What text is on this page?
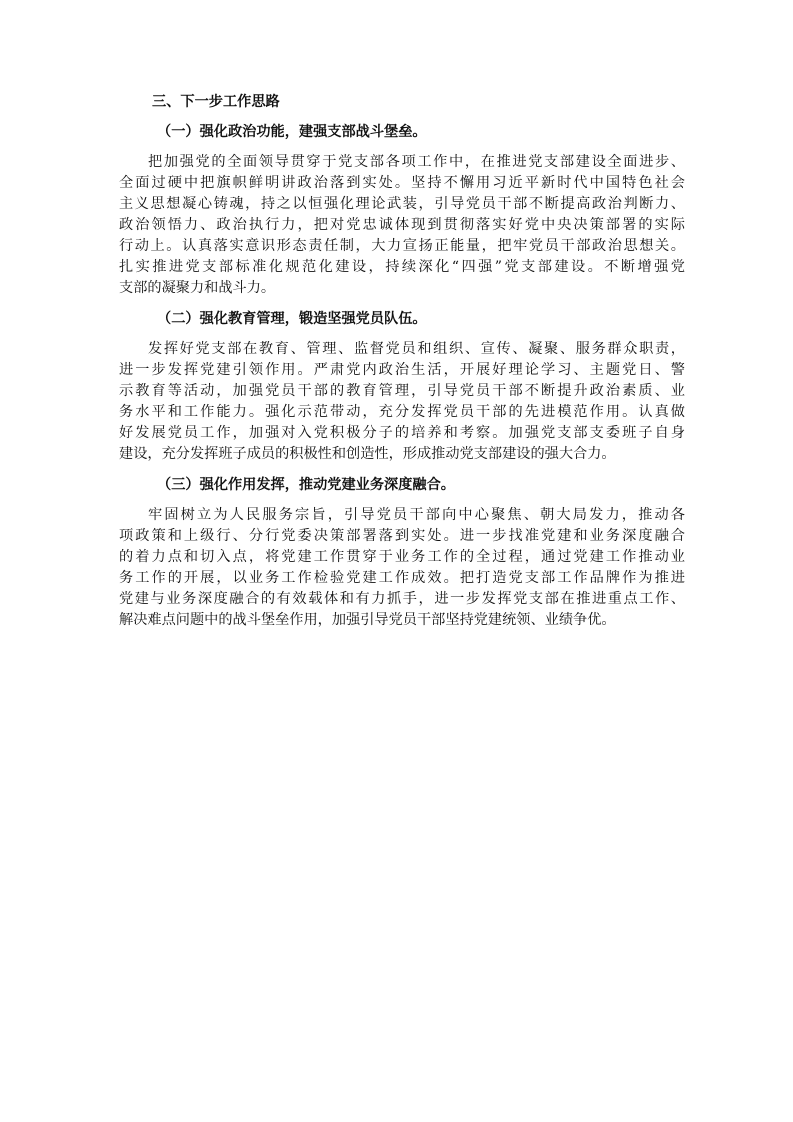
三、下一步工作思路
（一）强化政治功能，建强支部战斗堡垒。
把加强党的全面领导贯穿于党支部各项工作中，在推进党支部建设全面进步、
全面过硬中把旗帜鲜明讲政治落到实处。坚持不懈用习近平新时代中国特色社会
主义思想凝心铸魂，持之以恒强化理论武装，引导党员干部不断提高政治判断力、
政治领悟力、政治执行力，把对党忠诚体现到贯彻落实好党中央决策部署的实际
行动上。认真落实意识形态责任制，大力宣扬正能量，把牢党员干部政治思想关。
扎实推进党支部标准化规范化建设，持续深化“四强”党支部建设。不断增强党
支部的凝聚力和战斗力。
（二）强化教育管理，锻造坚强党员队伍。
发挥好党支部在教育、管理、监督党员和组织、宣传、凝聚、服务群众职责，
进一步发挥党建引领作用。严肃党内政治生活，开展好理论学习、主题党日、警
示教育等活动，加强党员干部的教育管理，引导党员干部不断提升政治素质、业
务水平和工作能力。强化示范带动，充分发挥党员干部的先进模范作用。认真做
好发展党员工作，加强对入党积极分子的培养和考察。加强党支部支委班子自身
建设，充分发挥班子成员的积极性和创造性，形成推动党支部建设的强大合力。
（三）强化作用发挥，推动党建业务深度融合。
牢固树立为人民服务宗旨，引导党员干部向中心聚焦、朝大局发力，推动各
项政策和上级行、分行党委决策部署落到实处。进一步找准党建和业务深度融合
的着力点和切入点，将党建工作贯穿于业务工作的全过程，通过党建工作推动业
务工作的开展，以业务工作检验党建工作成效。把打造党支部工作品牌作为推进
党建与业务深度融合的有效载体和有力抓手，进一步发挥党支部在推进重点工作、
解决难点问题中的战斗堡垒作用，加强引导党员干部坚持党建统领、业绩争优。
